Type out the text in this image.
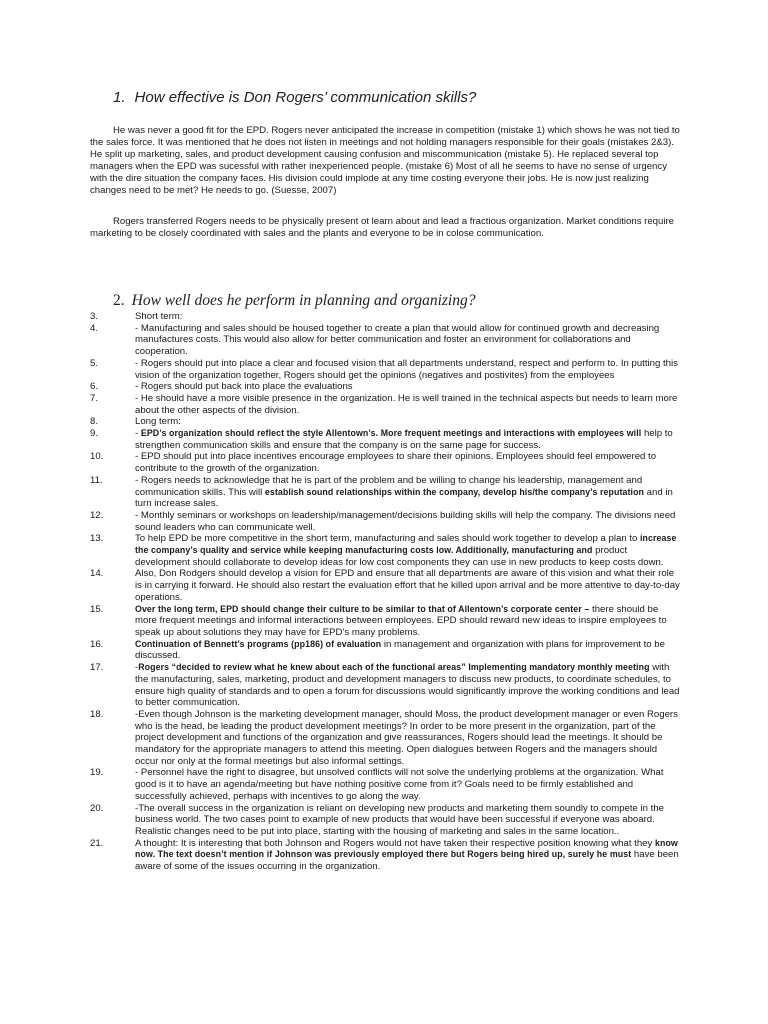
1. How effective is Don Rogers’ communication skills?
He was never a good fit for the EPD. Rogers never anticipated the increase in competition (mistake 1) which shows he was not tied to the sales force. It was mentioned that he does not listen in meetings and not holding managers responsible for their goals (mistakes 2&3). He split up marketing, sales, and product development causing confusion and miscommunication (mistake 5). He replaced several top managers when the EPD was sucessful with rather inexperienced people. (mistake 6) Most of all he seems to have no sense of urgency with the dire situation the company faces. His division could implode at any time costing everyone their jobs. He is now just realizing changes need to be met? He needs to go. (Suesse, 2007)
Rogers transferred Rogers needs to be physically present ot learn about and lead a fractious organization. Market conditions require marketing to be closely coordinated with sales and the plants and everyone to be in colose communication.
2. How well does he perform in planning and organizing?
3.	Short term:
4.	- Manufacturing and sales should be housed together to create a plan that would allow for continued growth and decreasing manufactures costs. This would also allow for better communication and foster an environment for collaborations and cooperation.
5.	- Rogers should put into place a clear and focused vision that all departments understand, respect and perform to. In putting this vision of the organization together, Rogers should get the opinions (negatives and postivites) from the employees
6.	- Rogers should put back into place the evaluations
7.	- He should have a more visible presence in the organization. He is well trained in the technical aspects but needs to learn more about the other aspects of the division.
8.	Long term:
9.	- EPD’s organization should reflect the style Allentown’s. More frequent meetings and interactions with employees will help to strengthen communication skills and ensure that the company is on the same page for success.
10.	- EPD should put into place incentives encourage employees to share their opinions. Employees should feel empowered to contribute to the growth of the organization.
11.	- Rogers needs to acknowledge that he is part of the problem and be willing to change his leadership, management and communication skills. This will establish sound relationships within the company, develop his/the company’s reputation and in turn increase sales.
12.	- Monthly seminars or workshops on leadership/management/decisions building skills will help the company. The divisions need sound leaders who can communicate well.
13.	To help EPD be more competitive in the short term, manufacturing and sales should work together to develop a plan to increase the company’s quality and service while keeping manufacturing costs low. Additionally, manufacturing and product development should collaborate to develop ideas for low cost components they can use in new products to keep costs down.
14.	Also, Don Rodgers should develop a vision for EPD and ensure that all departments are aware of this vision and what their role is in carrying it forward. He should also restart the evaluation effort that he killed upon arrival and be more attentive to day-to-day operations.
15.	Over the long term, EPD should change their culture to be similar to that of Allentown’s corporate center – there should be more frequent meetings and informal interactions between employees. EPD should reward new ideas to inspire employees to speak up about solutions they may have for EPD’s many problems.
16.	Continuation of Bennett’s programs (pp186) of evaluation in management and organization with plans for improvement to be discussed.
17.	-Rogers “decided to review what he knew about each of the functional areas” Implementing mandatory monthly meeting with the manufacturing, sales, marketing, product and development managers to discuss new products, to coordinate schedules, to ensure high quality of standards and to open a forum for discussions would significantly improve the working conditions and lead to better communication.
18.	-Even though Johnson is the marketing development manager, should Moss, the product development manager or even Rogers who is the head, be leading the product development meetings? In order to be more present in the organization, part of the project development and functions of the organization and give reassurances, Rogers should lead the meetings. It should be mandatory for the appropriate managers to attend this meeting. Open dialogues between Rogers and the managers should occur nor only at the formal meetings but also informal settings.
19.	- Personnel have the right to disagree, but unsolved conflicts will not solve the underlying problems at the organization. What good is it to have an agenda/meeting but have nothing positive come from it? Goals need to be firmly established and successfully achieved, perhaps with incentives to go along the way.
20.	-The overall success in the organization is reliant on developing new products and marketing them soundly to compete in the business world. The two cases point to example of new products that would have been successful if everyone was aboard. Realistic changes need to be put into place, starting with the housing of marketing and sales in the same location..
21.	A thought: It is interesting that both Johnson and Rogers would not have taken their respective position knowing what they know now. The text doesn’t mention if Johnson was previously employed there but Rogers being hired up, surely he must have been aware of some of the issues occurring in the organization.
